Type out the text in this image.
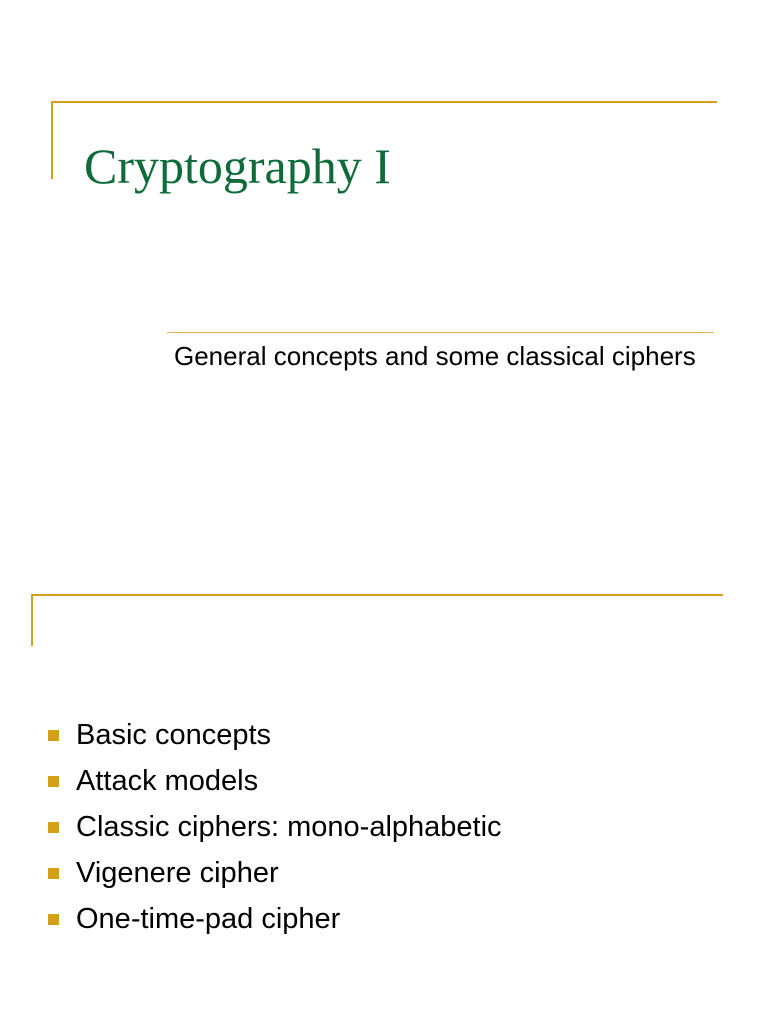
Cryptography I

General concepts and some classical ciphers

Basic concepts
Attack models
Classic ciphers: mono-alphabetic
Vigenere cipher
One-time-pad cipher
